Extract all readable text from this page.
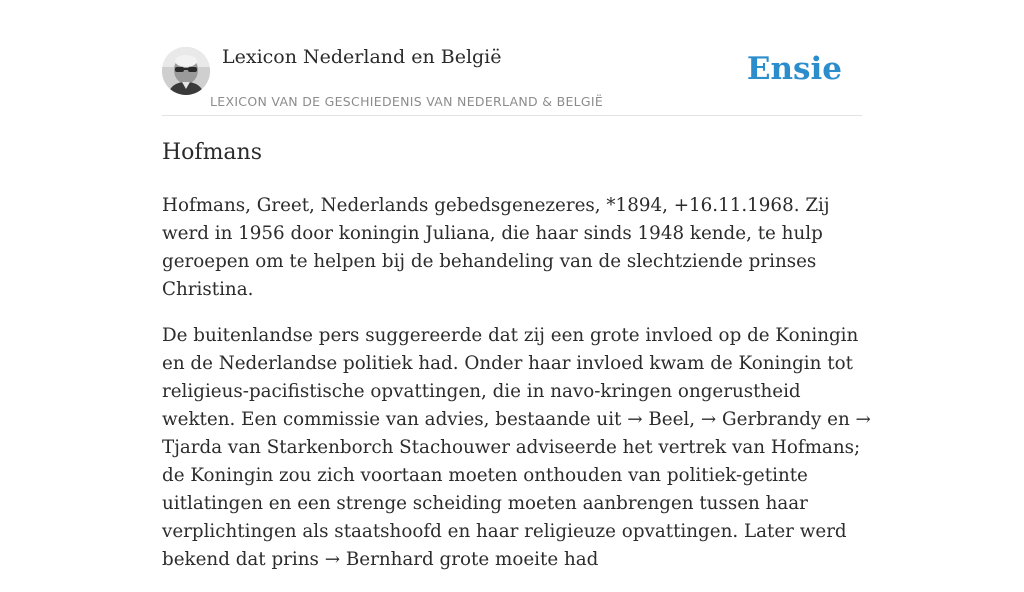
Lexicon Nederland en België
LEXICON VAN DE GESCHIEDENIS VAN NEDERLAND & BELGIË
Ensie
Hofmans

Hofmans, Greet, Nederlands gebedsgenezeres, *1894, +16.11.1968. Zij werd in 1956 door koningin Juliana, die haar sinds 1948 kende, te hulp geroepen om te helpen bij de behandeling van de slechtziende prinses Christina.

De buitenlandse pers suggereerde dat zij een grote invloed op de Koningin en de Nederlandse politiek had. Onder haar invloed kwam de Koningin tot religieus-pacifistische opvattingen, die in navo-kringen ongerustheid wekten. Een commissie van advies, bestaande uit → Beel, → Gerbrandy en → Tjarda van Starkenborch Stachouwer adviseerde het vertrek van Hofmans; de Koningin zou zich voortaan moeten onthouden van politiek-getinte uitlatingen en een strenge scheiding moeten aanbrengen tussen haar verplichtingen als staatshoofd en haar religieuze opvattingen. Later werd bekend dat prins → Bernhard grote moeite had
